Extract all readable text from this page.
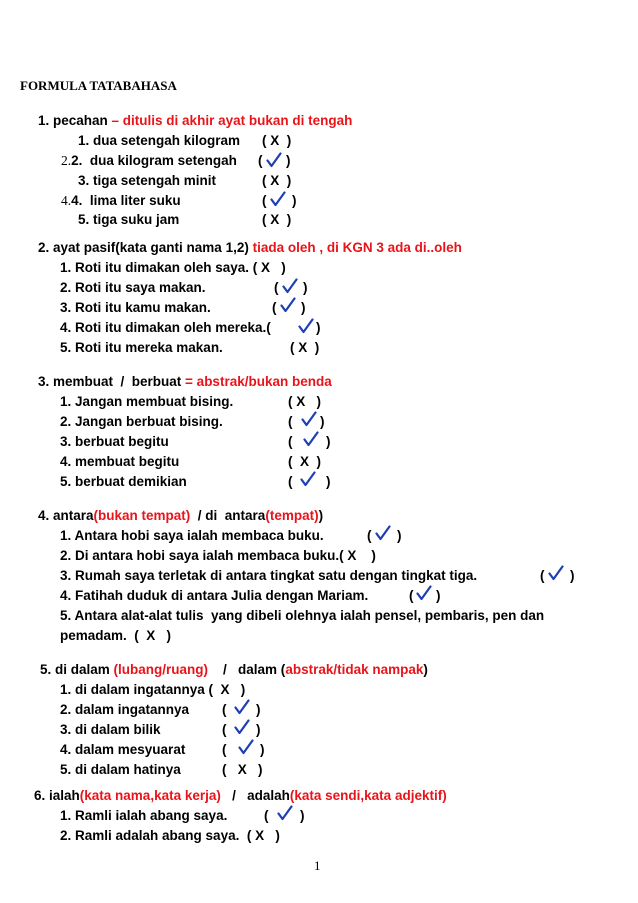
FORMULA TATABAHASA
1. pecahan – ditulis di akhir ayat bukan di tengah
1. dua setengah kilogram ( X  )
2.2.  dua kilogram setengah ( )
3. tiga setengah minit	( X  )
4.4.  lima liter suku	( )
5. tiga suku jam	( X  )
2. ayat pasif(kata ganti nama 1,2) tiada oleh , di KGN 3 ada di..oleh
1. Roti itu dimakan oleh saya. ( X   )
2. Roti itu saya makan.	( )
3. Roti itu kamu makan.	( )
4. Roti itu dimakan oleh mereka.(	)
5. Roti itu mereka makan.	( X  )
3. membuat  /  berbuat = abstrak/bukan benda
1. Jangan membuat bising.	( X   )
2. Jangan berbuat bising.	( )
3. berbuat begitu	( )
4. membuat begitu	(  X  )
5. berbuat demikian	( )
4. antara(bukan tempat)  / di  antara(tempat))
1. Antara hobi saya ialah membaca buku.	( )
2. Di antara hobi saya ialah membaca buku.( X    )
3. Rumah saya terletak di antara tingkat satu dengan tingkat tiga.	( )
4. Fatihah duduk di antara Julia dengan Mariam.	( )
5. Antara alat-alat tulis  yang dibeli olehnya ialah pensel, pembaris, pen dan
pemadam.  (  X   )
5. di dalam (lubang/ruang)    /   dalam (abstrak/tidak nampak)
1. di dalam ingatannya (  X   )
2. dalam ingatannya ( )
3. di dalam bilik	( )
4. dalam mesyuarat	( )
5. di dalam hatinya	(   X   )
6. ialah(kata nama,kata kerja)   /   adalah(kata sendi,kata adjektif)
1. Ramli ialah abang saya.	( )
2. Ramli adalah abang saya.  ( X   )
1
